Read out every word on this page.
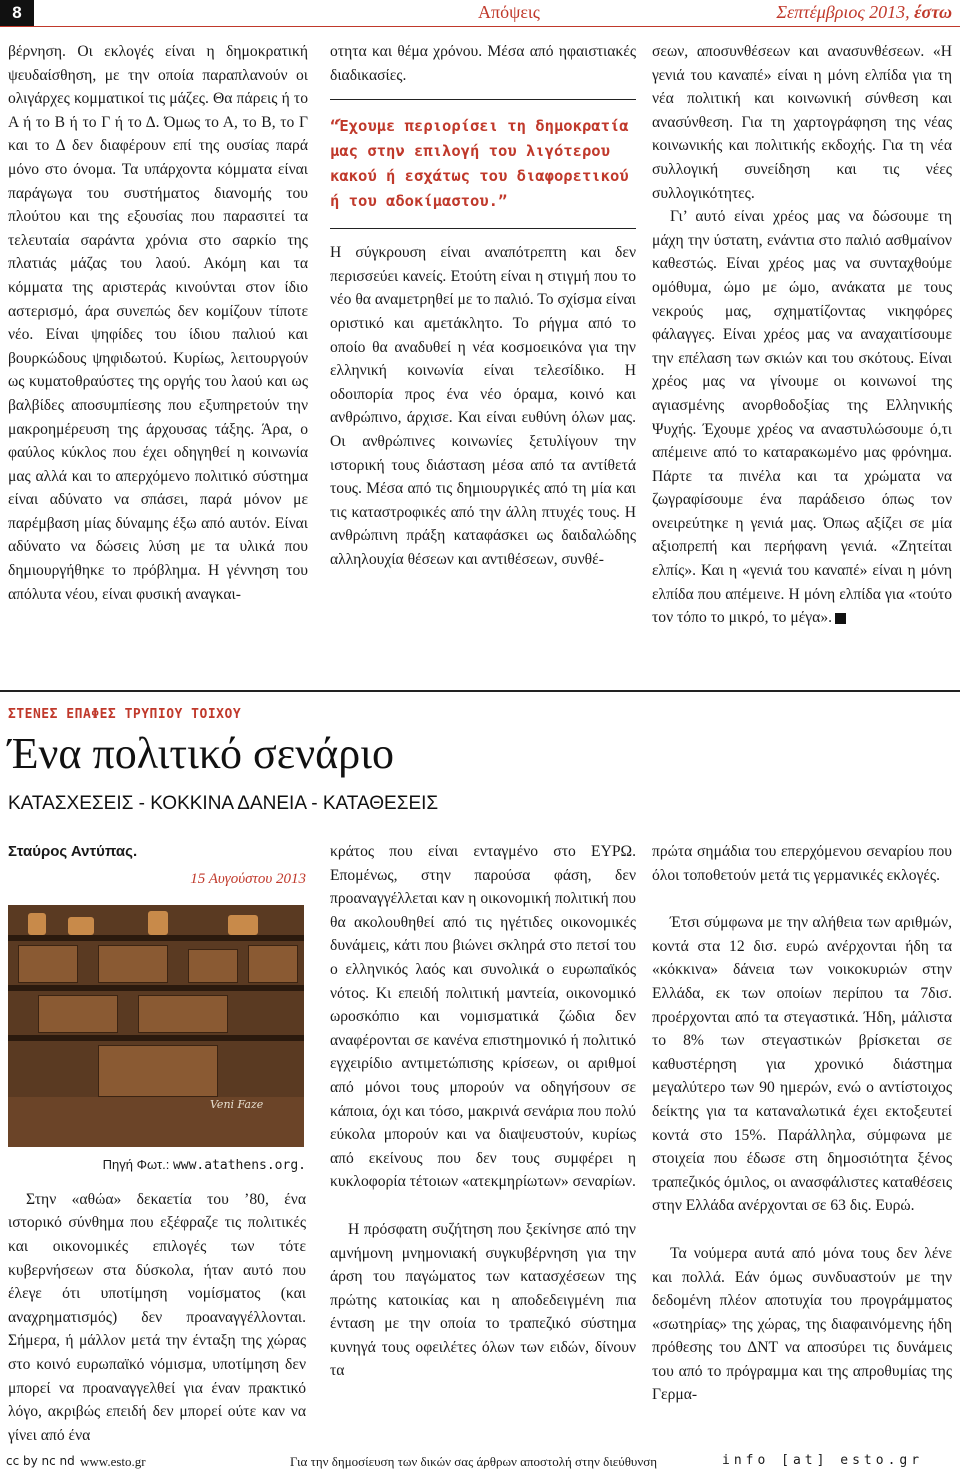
8	Απόψεις	Σεπτέμβριος 2013, έστω

βέρνηση. Οι εκλογές είναι η δημοκρατική ψευδαίσθηση, με την οποία παραπλανούν οι ολιγάρχες κομματικοί τις μάζες. Θα πάρεις ή το Α ή το Β ή το Γ ή το Δ. Όμως το Α, το Β, το Γ και το Δ δεν διαφέρουν επί της ουσίας παρά μόνο στο όνομα. Τα υπάρχοντα κόμματα είναι παράγωγα του συστήματος διανομής του πλούτου και της εξουσίας που παρασιτεί τα τελευταία σαράντα χρόνια στο σαρκίο της πλατιάς μάζας του λαού. Ακόμη και τα κόμματα της αριστεράς κινούνται στον ίδιο αστερισμό, άρα συνεπώς δεν κομίζουν τίποτε νέο. Είναι ψηφίδες του ίδιου παλιού και βουρκώδους ψηφιδωτού. Κυρίως, λειτουργούν ως κυματοθραύστες της οργής του λαού και ως βαλβίδες αποσυμπίεσης που εξυπηρετούν την μακροημέρευση της άρχουσας τάξης. Άρα, ο φαύλος κύκλος που έχει οδηγηθεί η κοινωνία μας αλλά και το απερχόμενο πολιτικό σύστημα είναι αδύνατο να σπάσει, παρά μόνον με παρέμβαση μίας δύναμης έξω από αυτόν. Είναι αδύνατο να δώσεις λύση με τα υλικά που δημιουργήθηκε το πρόβλημα. Η γέννηση του απόλυτα νέου, είναι φυσική αναγκαι-

οτητα και θέμα χρόνου. Μέσα από ηφαιστιακές διαδικασίες.

“Έχουμε περιορίσει τη δημοκρατία μας στην επιλογή του λιγότερου κακού ή εσχάτως του διαφορετικού ή του αδοκίμαστου.”

Η σύγκρουση είναι αναπότρεπτη και δεν περισσεύει κανείς. Ετούτη είναι η στιγμή που το νέο θα αναμετρηθεί με το παλιό. Το σχίσμα είναι οριστικό και αμετάκλητο. Το ρήγμα από το οποίο θα αναδυθεί η νέα κοσμοεικόνα για την ελληνική κοινωνία είναι τελεσίδικο. Η οδοιπορία προς ένα νέο όραμα, κοινό και ανθρώπινο, άρχισε. Και είναι ευθύνη όλων μας. Οι ανθρώπινες κοινωνίες ξετυλίγουν την ιστορική τους διάσταση μέσα από τα αντίθετά τους. Μέσα από τις δημιουργικές από τη μία και τις καταστροφικές από την άλλη πτυχές τους. Η ανθρώπινη πράξη καταφάσκει ως δαιδαλώδης αλληλουχία θέσεων και αντιθέσεων, συνθέ-

σεων, αποσυνθέσεων και ανασυνθέσεων. «Η γενιά του καναπέ» είναι η μόνη ελπίδα για τη νέα πολιτική και κοινωνική σύνθεση και ανασύνθεση. Για τη χαρτογράφηση της νέας κοινωνικής και πολιτικής εκδοχής. Για τη νέα συλλογική συνείδηση και τις νέες συλλογικότητες.

Γι’ αυτό είναι χρέος μας να δώσουμε τη μάχη την ύστατη, ενάντια στο παλιό ασθμαίνον καθεστώς. Είναι χρέος μας να συνταχθούμε ομόθυμα, ώμο με ώμο, ανάκατα με τους νεκρούς μας, σχηματίζοντας νικηφόρες φάλαγγες. Είναι χρέος μας να αναχαιτίσουμε την επέλαση των σκιών και του σκότους. Είναι χρέος μας να γίνουμε οι κοινωνοί της αγιασμένης ανορθοδοξίας της Ελληνικής Ψυχής. Έχουμε χρέος να αναστυλώσουμε ό,τι απέμεινε από το καταρακωμένο μας φρόνημα. Πάρτε τα πινέλα και τα χρώματα να ζωγραφίσουμε ένα παράδεισο όπως τον ονειρεύτηκε η γενιά μας. Όπως αξίζει σε μία αξιοπρεπή και περήφανη γενιά. «Ζητείται ελπίς». Και η «γενιά του καναπέ» είναι η μόνη ελπίδα που απέμεινε. Η μόνη ελπίδα για «τούτο τον τόπο το μικρό, το μέγα».

ΣΤΕΝΕΣ ΕΠΑΦΕΣ ΤΡΥΠΙΟΥ ΤΟΙΧΟΥ
Ένα πολιτικό σενάριο
ΚΑΤΑΣΧΕΣΕΙΣ - ΚΟΚΚΙΝΑ ΔΑΝΕΙΑ - ΚΑΤΑΘΕΣΕΙΣ
Σταύρος Αντύπας.
15 Αυγούστου 2013
Veni Faze
Πηγή Φωτ.: www.atathens.org.

Στην «αθώα» δεκαετία του ’80, ένα ιστορικό σύνθημα που εξέφραζε τις πολιτικές και οικονομικές επιλογές των τότε κυβερνήσεων στα δύσκολα, ήταν αυτό που έλεγε ότι υποτίμηση νομίσματος (και αναχρηματισμός) δεν προαναγγέλλονται. Σήμερα, ή μάλλον μετά την ένταξη της χώρας στο κοινό ευρωπαϊκό νόμισμα, υποτίμηση δεν μπορεί να προαναγγελθεί για έναν πρακτικό λόγο, ακριβώς επειδή δεν μπορεί ούτε καν να γίνει από ένα

κράτος που είναι ενταγμένο στο ΕΥΡΩ. Επομένως, στην παρούσα φάση, δεν προαναγγέλλεται καν η οικονομική πολιτική που θα ακολουθηθεί από τις ηγέτιδες οικονομικές δυνάμεις, κάτι που βιώνει σκληρά στο πετσί του ο ελληνικός λαός και συνολικά ο ευρωπαϊκός νότος. Κι επειδή πολιτική μαντεία, οικονομικό ωροσκόπιο και νομισματικά ζώδια δεν αναφέρονται σε κανένα επιστημονικό ή πολιτικό εγχειρίδιο αντιμετώπισης κρίσεων, οι αριθμοί από μόνοι τους μπορούν να οδηγήσουν σε κάποια, όχι και τόσο, μακρινά σενάρια που πολύ εύκολα μπορούν και να διαψευστούν, κυρίως από εκείνους που δεν τους συμφέρει η κυκλοφορία τέτοιων «ατεκμηρίωτων» σεναρίων.

Η πρόσφατη συζήτηση που ξεκίνησε από την αμνήμονη μνημονιακή συγκυβέρνηση για την άρση του παγώματος των κατασχέσεων της πρώτης κατοικίας και η αποδεδειγμένη πια ένταση με την οποία το τραπεζικό σύστημα κυνηγά τους οφειλέτες όλων των ειδών, δίνουν τα

πρώτα σημάδια του επερχόμενου σεναρίου που όλοι τοποθετούν μετά τις γερμανικές εκλογές.

Έτσι σύμφωνα με την αλήθεια των αριθμών, κοντά στα 12 δισ. ευρώ ανέρχονται ήδη τα «κόκκινα» δάνεια των νοικοκυριών στην Ελλάδα, εκ των οποίων περίπου τα 7δισ. προέρχονται από τα στεγαστικά. Ήδη, μάλιστα το 8% των στεγαστικών βρίσκεται σε καθυστέρηση για χρονικό διάστημα μεγαλύτερο των 90 ημερών, ενώ ο αντίστοιχος δείκτης για τα καταναλωτικά έχει εκτοξευτεί κοντά στο 15%. Παράλληλα, σύμφωνα με στοιχεία που έδωσε στη δημοσιότητα ξένος τραπεζικός όμιλος, οι ανασφάλιστες καταθέσεις στην Ελλάδα ανέρχονται σε 63 δις. Ευρώ.

Τα νούμερα αυτά από μόνα τους δεν λένε και πολλά. Εάν όμως συνδυαστούν με την δεδομένη πλέον αποτυχία του προγράμματος «σωτηρίας» της χώρας, της διαφαινόμενης ήδη πρόθεσης του ΔΝΤ να αποσύρει τις δυνάμεις του από το πρόγραμμα και της απροθυμίας της Γερμα-

cc by nc nd www.esto.gr	Για την δημοσίευση των δικών σας άρθρων αποστολή στην διεύθυνση	info [at] esto.gr
